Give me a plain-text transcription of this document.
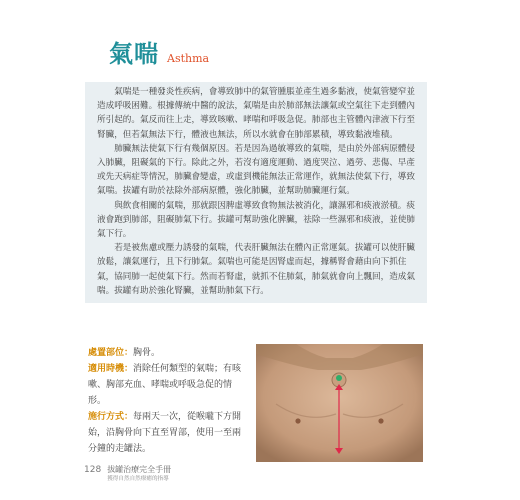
氣喘 Asthma

氣喘是一種發炎性疾病，會導致肺中的氣管腫脹並產生過多黏液，使氣管變窄並造成呼吸困難。根據傳統中醫的說法，氣喘是由於肺部無法讓氣或空氣往下走到體內所引起的。氣反而往上走，導致咳嗽、哮喘和呼吸急促。肺部也主管體內津液下行至腎臟，但若氣無法下行，體液也無法，所以水就會在肺部累積，導致黏液堆積。

肺臟無法使氣下行有幾個原因。若是因為過敏導致的氣喘，是由於外部病原體侵入肺臟，阻礙氣的下行。除此之外，若沒有適度運動、過度哭泣、過勞、悲傷、早產或先天病症等情況，肺臟會變虛，或虛到機能無法正常運作，就無法使氣下行，導致氣喘。拔罐有助於祛除外部病原體，強化肺臟，並幫助肺臟運行氣。

與飲食相關的氣喘，那就跟因脾虛導致食物無法被消化，讓濕邪和痰液淤積。痰液會跑到肺部，阻礙肺氣下行。拔罐可幫助強化脾臟，祛除一些濕邪和痰液，並使肺氣下行。

若是被焦慮或壓力誘發的氣喘，代表肝臟無法在體內正常運氣。拔罐可以使肝臟放鬆，讓氣運行，且下行肺氣。氣喘也可能是因腎虛而起，據稱腎會藉由向下抓住氣，協同肺一起使氣下行。然而若腎虛，就抓不住肺氣，肺氣就會向上飄回，造成氣喘。拔罐有助於強化腎臟，並幫助肺氣下行。

處置部位：胸骨。

適用時機：消除任何類型的氣喘；有咳嗽、胸部充血、哮喘或呼吸急促的情形。

施行方式：每兩天一次，從喉嚨下方開始，沿胸骨向下直至胃部，使用一至兩分鐘的走罐法。

128 拔罐治療完全手冊
獲得自然自然療癒的指導
